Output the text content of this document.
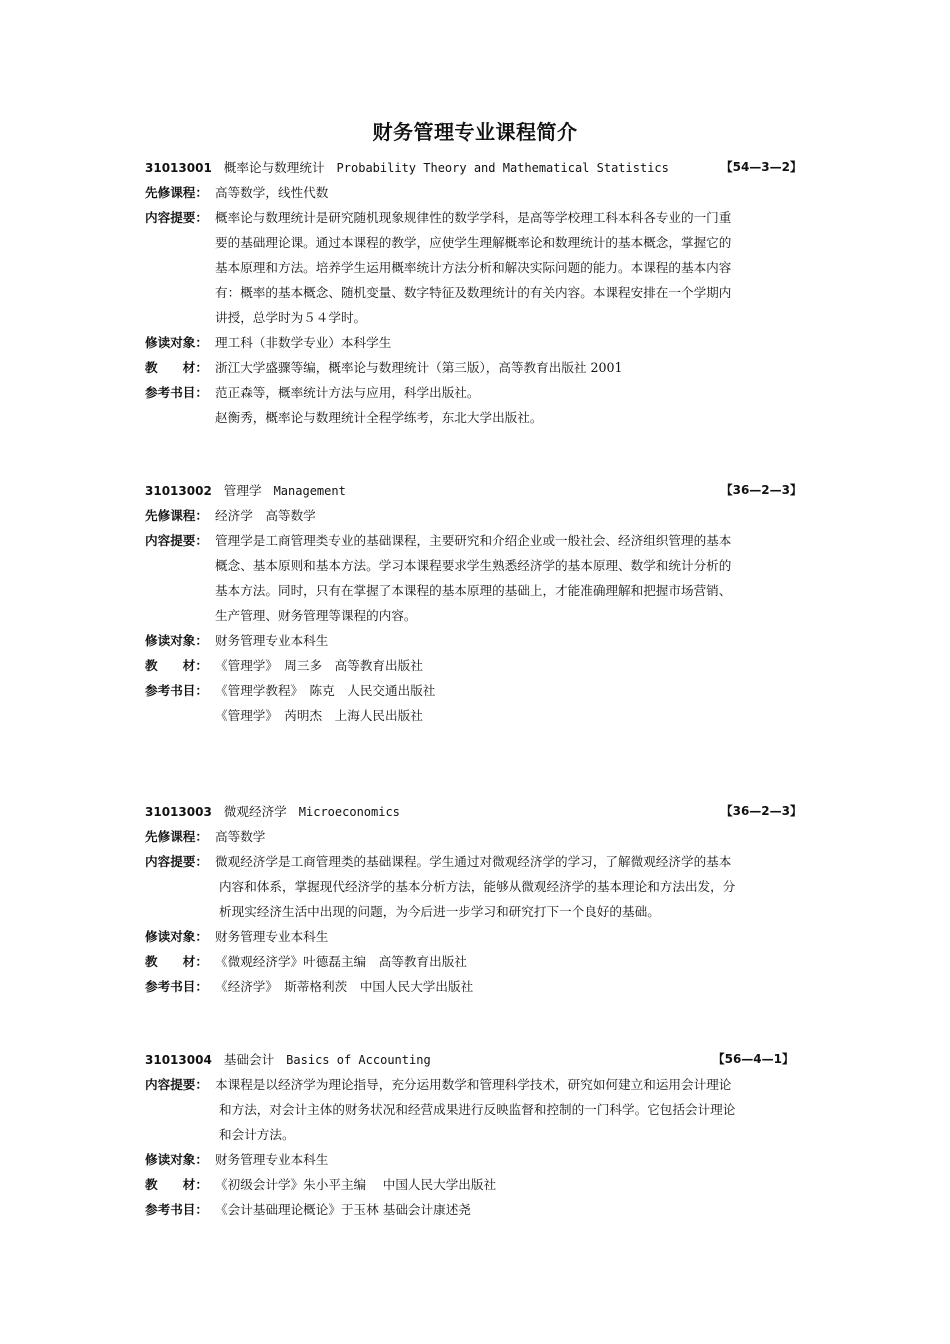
财务管理专业课程简介
31013001 概率论与数理统计 Probability Theory and Mathematical Statistics	【54—3—2】
先修课程： 高等数学，线性代数
内容提要： 概率论与数理统计是研究随机现象规律性的数学学科，是高等学校理工科本科各专业的一门重

要的基础理论课。通过本课程的教学，应使学生理解概率论和数理统计的基本概念，掌握它的

基本原理和方法。培养学生运用概率统计方法分析和解决实际问题的能力。本课程的基本内容

有：概率的基本概念、随机变量、数字特征及数理统计的有关内容。本课程安排在一个学期内

讲授，总学时为５４学时。

修读对象： 理工科（非数学专业）本科学生
教　　材： 浙江大学盛骤等编，概率论与数理统计（第三版），高等教育出版社 2001
参考书目： 范正森等，概率统计方法与应用，科学出版社。

赵衡秀，概率论与数理统计全程学练考，东北大学出版社。

31013002 管理学 Management	【36—2—3】
先修课程： 经济学　高等数学
内容提要： 管理学是工商管理类专业的基础课程，主要研究和介绍企业或一般社会、经济组织管理的基本

概念、基本原则和基本方法。学习本课程要求学生熟悉经济学的基本原理、数学和统计分析的

基本方法。同时，只有在掌握了本课程的基本原理的基础上，才能准确理解和把握市场营销、

生产管理、财务管理等课程的内容。

修读对象： 财务管理专业本科生
教　　材： 《管理学》　周三多　高等教育出版社
参考书目： 《管理学教程》　陈克　人民交通出版社

《管理学》　芮明杰　上海人民出版社

31013003 微观经济学 Microeconomics	【36—2—3】
先修课程： 高等数学
内容提要： 微观经济学是工商管理类的基础课程。学生通过对微观经济学的学习，了解微观经济学的基本

内容和体系，掌握现代经济学的基本分析方法，能够从微观经济学的基本理论和方法出发，分

析现实经济生活中出现的问题，为今后进一步学习和研究打下一个良好的基础。

修读对象： 财务管理专业本科生
教　　材： 《微观经济学》叶德磊主编　高等教育出版社
参考书目： 《经济学》　斯蒂格利茨　中国人民大学出版社

31013004 基础会计 Basics of Accounting	【56—4—1】
内容提要： 本课程是以经济学为理论指导，充分运用数学和管理科学技术，研究如何建立和运用会计理论

和方法，对会计主体的财务状况和经营成果进行反映监督和控制的一门科学。它包括会计理论

和会计方法。

修读对象： 财务管理专业本科生
教　　材： 《初级会计学》朱小平主编　 中国人民大学出版社
参考书目： 《会计基础理论概论》于玉林 基础会计康述尧
